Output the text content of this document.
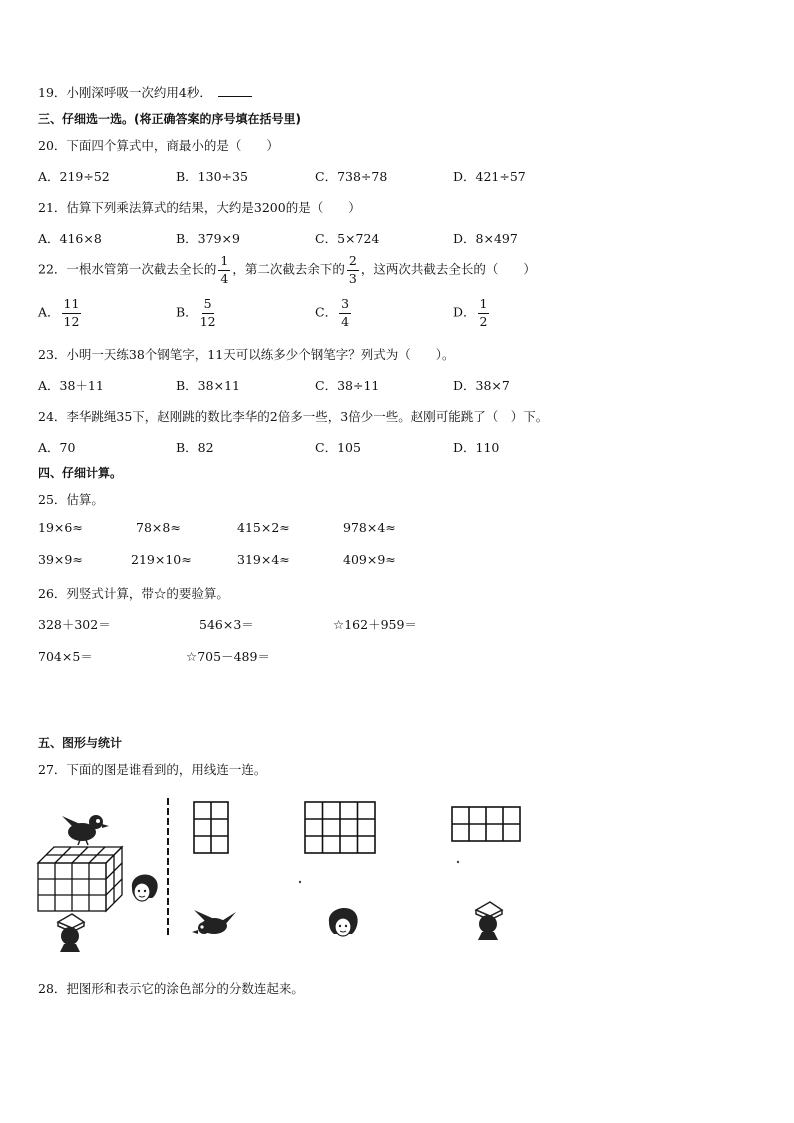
19．小刚深呼吸一次约用4秒．
三、仔细选一选。(将正确答案的序号填在括号里)
20．下面四个算式中，商最小的是（　　）
A．219÷52	B．130÷35	C．738÷78	D．421÷57
21．估算下列乘法算式的结果，大约是3200的是（　　）
A．416×8	B．379×9	C．5×724	D．8×497
22．一根水管第一次截去全长的 $\frac{1}{4}$ ，第二次截去余下的 $\frac{2}{3}$ ，这两次共截去全长的（　　）
A． $\frac{11}{12}$	B． $\frac{5}{12}$	C． $\frac{3}{4}$	D． $\frac{1}{2}$
23．小明一天练38个钢笔字，11天可以练多少个钢笔字？列式为（　　）。
A．38＋11	B．38×11	C．38÷11	D．38×7
24．李华跳绳35下，赵刚跳的数比李华的2倍多一些，3倍少一些。赵刚可能跳了（　）下。
A．70	B．82	C．105	D．110
四、仔细计算。
25．估算。
19×6≈	78×8≈	415×2≈	978×4≈
39×9≈	219×10≈	319×4≈	409×9≈
26．列竖式计算，带☆的要验算。
328＋302＝	546×3＝	☆162＋959＝
704×5＝	☆705－489＝
五、图形与统计
27．下面的图是谁看到的，用线连一连。
28．把图形和表示它的涂色部分的分数连起来。
